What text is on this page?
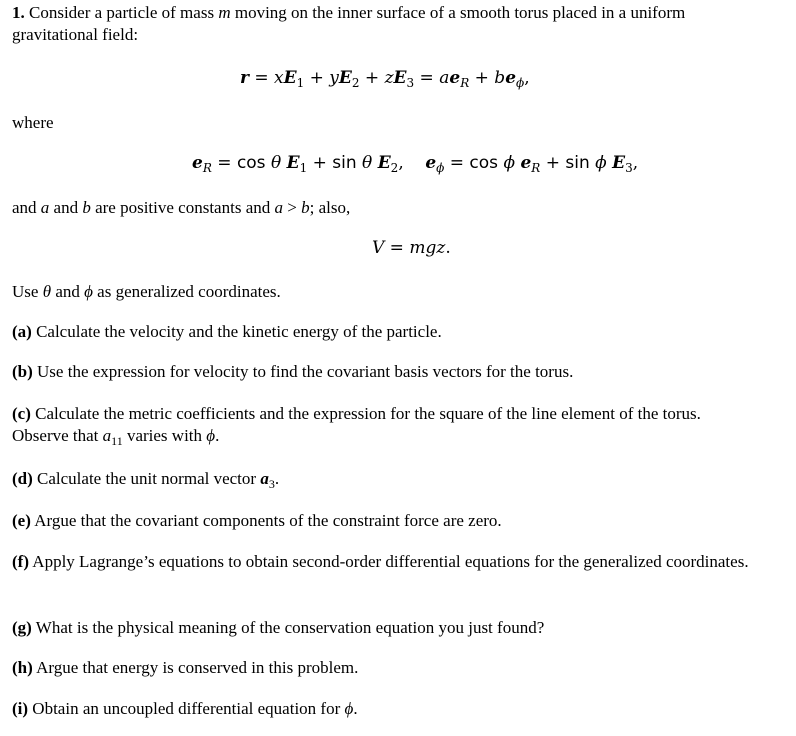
1. Consider a particle of mass m moving on the inner surface of a smooth torus placed in a uniform
gravitational field:
$r = xE_1 + yE_2 + zE_3 = ae_R + be_\phi$,
where
$e_R = \cos \theta$ $E_1 + \sin \theta$ $E_2$,    $e_\phi = \cos \phi$ $e_R + \sin \phi$ $E_3$,
and a and b are positive constants and a > b; also,
V = mgz.
Use θ and ϕ as generalized coordinates.
(a) Calculate the velocity and the kinetic energy of the particle.
(b) Use the expression for velocity to find the covariant basis vectors for the torus.
(c) Calculate the metric coefficients and the expression for the square of the line element of the torus.
Observe that $a_{11}$ varies with ϕ.
(d) Calculate the unit normal vector $a_3$.
(e) Argue that the covariant components of the constraint force are zero.
(f) Apply Lagrange’s equations to obtain second-order differential equations for the generalized coordinates.
(g) What is the physical meaning of the conservation equation you just found?
(h) Argue that energy is conserved in this problem.
(i) Obtain an uncoupled differential equation for ϕ.
